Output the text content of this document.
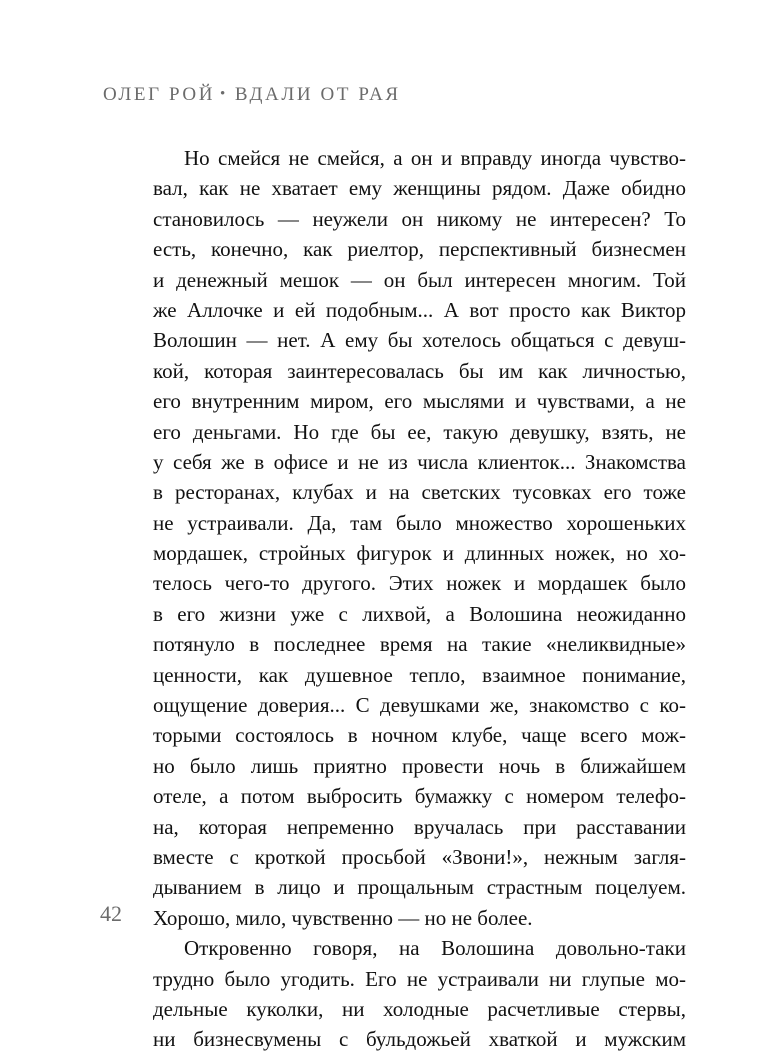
ОЛЕГ РОЙ • ВДАЛИ ОТ РАЯ
Но смейся не смейся, а он и вправду иногда чувство-
вал, как не хватает ему женщины рядом. Даже обидно
становилось — неужели он никому не интересен? То
есть, конечно, как риелтор, перспективный бизнесмен
и денежный мешок — он был интересен многим. Той
же Аллочке и ей подобным... А вот просто как Виктор
Волошин — нет. А ему бы хотелось общаться с девуш-
кой, которая заинтересовалась бы им как личностью,
его внутренним миром, его мыслями и чувствами, а не
его деньгами. Но где бы ее, такую девушку, взять, не
у себя же в офисе и не из числа клиенток... Знакомства
в ресторанах, клубах и на светских тусовках его тоже
не устраивали. Да, там было множество хорошеньких
мордашек, стройных фигурок и длинных ножек, но хо-
телось чего-то другого. Этих ножек и мордашек было
в его жизни уже с лихвой, а Волошина неожиданно
потянуло в последнее время на такие «неликвидные»
ценности, как душевное тепло, взаимное понимание,
ощущение доверия... С девушками же, знакомство с ко-
торыми состоялось в ночном клубе, чаще всего мож-
но было лишь приятно провести ночь в ближайшем
отеле, а потом выбросить бумажку с номером телефо-
на, которая непременно вручалась при расставании
вместе с кроткой просьбой «Звони!», нежным загля-
дыванием в лицо и прощальным страстным поцелуем.
Хорошо, мило, чувственно — но не более.
Откровенно говоря, на Волошина довольно-таки
трудно было угодить. Его не устраивали ни глупые мо-
дельные куколки, ни холодные расчетливые стервы,
ни бизнесвумены с бульдожьей хваткой и мужским
42
